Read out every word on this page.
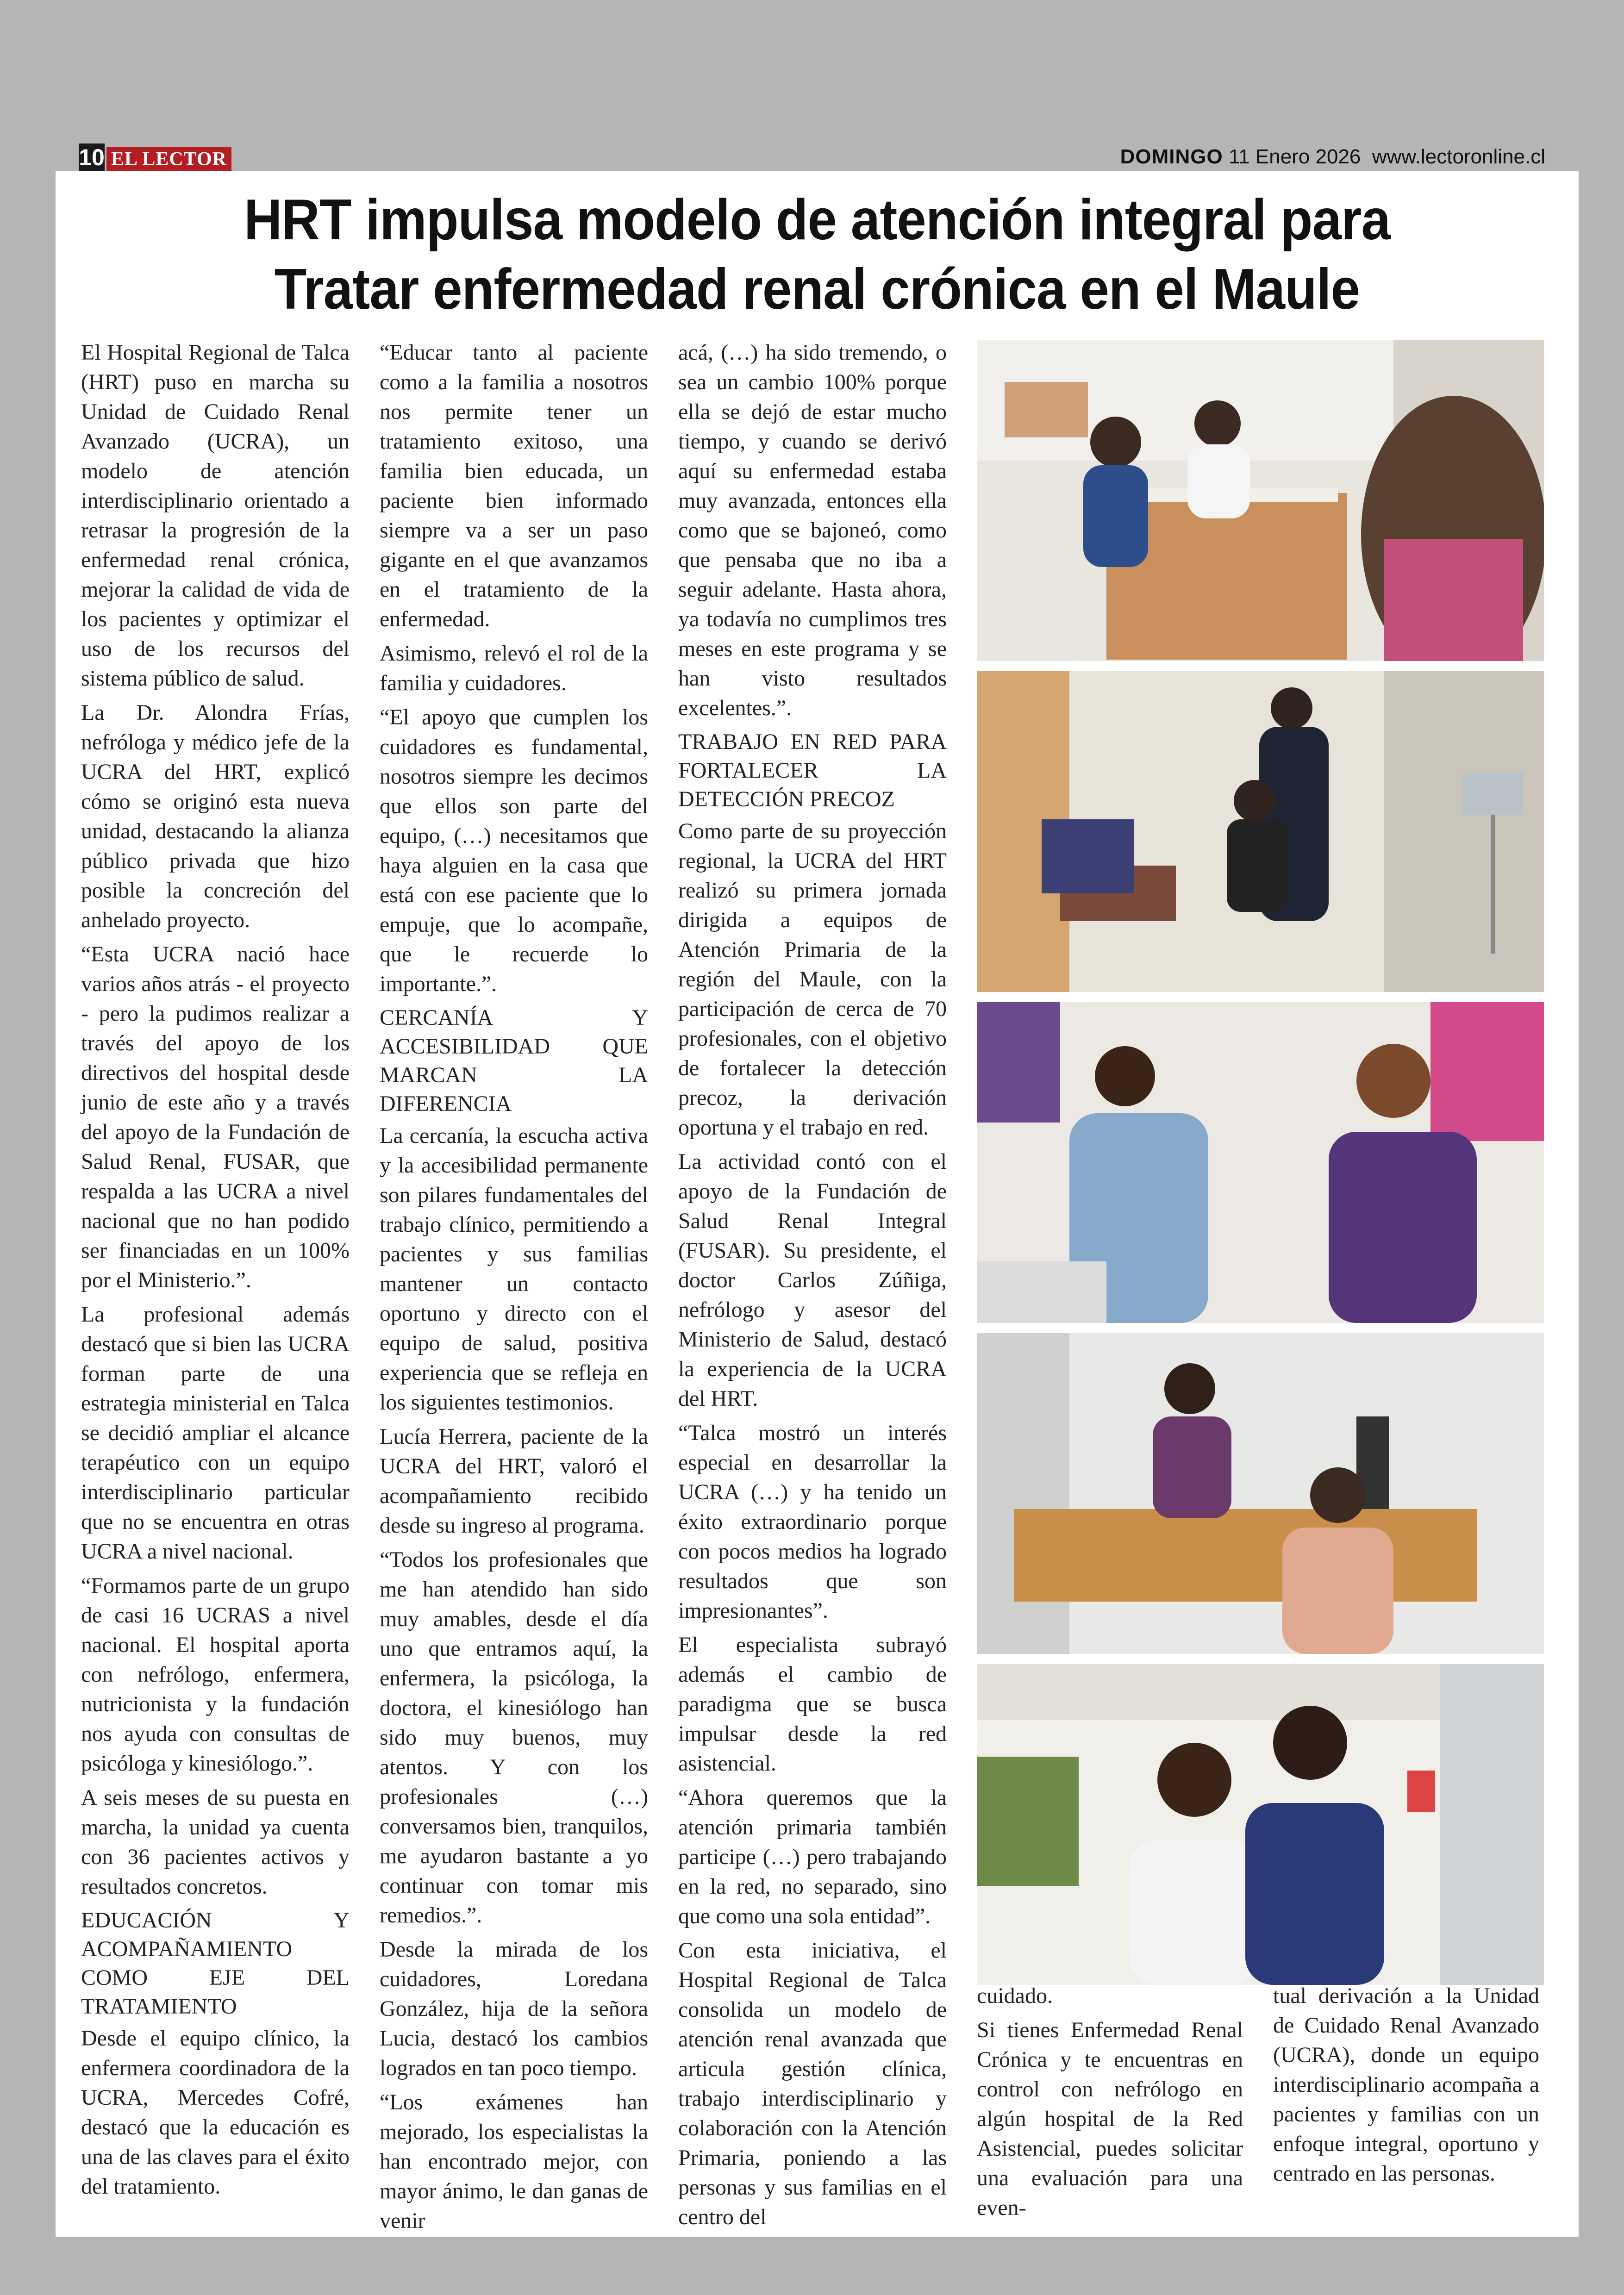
10 EL LECTOR	DOMINGO 11 Enero 2026 www.lectoronline.cl
HRT impulsa modelo de atención integral para
Tratar enfermedad renal crónica en el Maule

El Hospital Regional de Talca (HRT) puso en marcha su Unidad de Cuidado Renal Avanzado (UCRA), un modelo de atención interdisciplinario orientado a retrasar la progresión de la enfermedad renal crónica, mejorar la calidad de vida de los pacientes y optimizar el uso de los recursos del sistema público de salud.

La Dr. Alondra Frías, nefróloga y médico jefe de la UCRA del HRT, explicó cómo se originó esta nueva unidad, destacando la alianza público privada que hizo posible la concreción del anhelado proyecto.

“Esta UCRA nació hace varios años atrás - el proyecto - pero la pudimos realizar a través del apoyo de los directivos del hospital desde junio de este año y a través del apoyo de la Fundación de Salud Renal, FUSAR, que respalda a las UCRA a nivel nacional que no han podido ser financiadas en un 100% por el Ministerio.”.

La profesional además destacó que si bien las UCRA forman parte de una estrategia ministerial en Talca se decidió ampliar el alcance terapéutico con un equipo interdisciplinario particular que no se encuentra en otras UCRA a nivel nacional.

“Formamos parte de un grupo de casi 16 UCRAS a nivel nacional. El hospital aporta con nefrólogo, enfermera, nutricionista y la fundación nos ayuda con consultas de psicóloga y kinesiólogo.”.

A seis meses de su puesta en marcha, la unidad ya cuenta con 36 pacientes activos y resultados concretos.

EDUCACIÓN Y ACOMPAÑAMIENTO COMO EJE DEL TRATAMIENTO

Desde el equipo clínico, la enfermera coordinadora de la UCRA, Mercedes Cofré, destacó que la educación es una de las claves para el éxito del tratamiento.

“Educar tanto al paciente como a la familia a nosotros nos permite tener un tratamiento exitoso, una familia bien educada, un paciente bien informado siempre va a ser un paso gigante en el que avanzamos en el tratamiento de la enfermedad.

Asimismo, relevó el rol de la familia y cuidadores.

“El apoyo que cumplen los cuidadores es fundamental, nosotros siempre les decimos que ellos son parte del equipo, (…) necesitamos que haya alguien en la casa que está con ese paciente que lo empuje, que lo acompañe, que le recuerde lo importante.”.

CERCANÍA Y ACCESIBILIDAD QUE MARCAN LA DIFERENCIA

La cercanía, la escucha activa y la accesibilidad permanente son pilares fundamentales del trabajo clínico, permitiendo a pacientes y sus familias mantener un contacto oportuno y directo con el equipo de salud, positiva experiencia que se refleja en los siguientes testimonios.

Lucía Herrera, paciente de la UCRA del HRT, valoró el acompañamiento recibido desde su ingreso al programa.

“Todos los profesionales que me han atendido han sido muy amables, desde el día uno que entramos aquí, la enfermera, la psicóloga, la doctora, el kinesiólogo han sido muy buenos, muy atentos. Y con los profesionales (…) conversamos bien, tranquilos, me ayudaron bastante a yo continuar con tomar mis remedios.”.

Desde la mirada de los cuidadores, Loredana González, hija de la señora Lucia, destacó los cambios logrados en tan poco tiempo.

“Los exámenes han mejorado, los especialistas la han encontrado mejor, con mayor ánimo, le dan ganas de venir

acá, (…) ha sido tremendo, o sea un cambio 100% porque ella se dejó de estar mucho tiempo, y cuando se derivó aquí su enfermedad estaba muy avanzada, entonces ella como que se bajoneó, como que pensaba que no iba a seguir adelante. Hasta ahora, ya todavía no cumplimos tres meses en este programa y se han visto resultados excelentes.”.

TRABAJO EN RED PARA FORTALECER LA DETECCIÓN PRECOZ

Como parte de su proyección regional, la UCRA del HRT realizó su primera jornada dirigida a equipos de Atención Primaria de la región del Maule, con la participación de cerca de 70 profesionales, con el objetivo de fortalecer la detección precoz, la derivación oportuna y el trabajo en red.

La actividad contó con el apoyo de la Fundación de Salud Renal Integral (FUSAR). Su presidente, el doctor Carlos Zúñiga, nefrólogo y asesor del Ministerio de Salud, destacó la experiencia de la UCRA del HRT.

“Talca mostró un interés especial en desarrollar la UCRA (…) y ha tenido un éxito extraordinario porque con pocos medios ha logrado resultados que son impresionantes”.

El especialista subrayó además el cambio de paradigma que se busca impulsar desde la red asistencial.

“Ahora queremos que la atención primaria también participe (…) pero trabajando en la red, no separado, sino que como una sola entidad”.

Con esta iniciativa, el Hospital Regional de Talca consolida un modelo de atención renal avanzada que articula gestión clínica, trabajo interdisciplinario y colaboración con la Atención Primaria, poniendo a las personas y sus familias en el centro del

cuidado.

Si tienes Enfermedad Renal Crónica y te encuentras en control con nefrólogo en algún hospital de la Red Asistencial, puedes solicitar una evaluación para una even-

tual derivación a la Unidad de Cuidado Renal Avanzado (UCRA), donde un equipo interdisciplinario acompaña a pacientes y familias con un enfoque integral, oportuno y centrado en las personas.
